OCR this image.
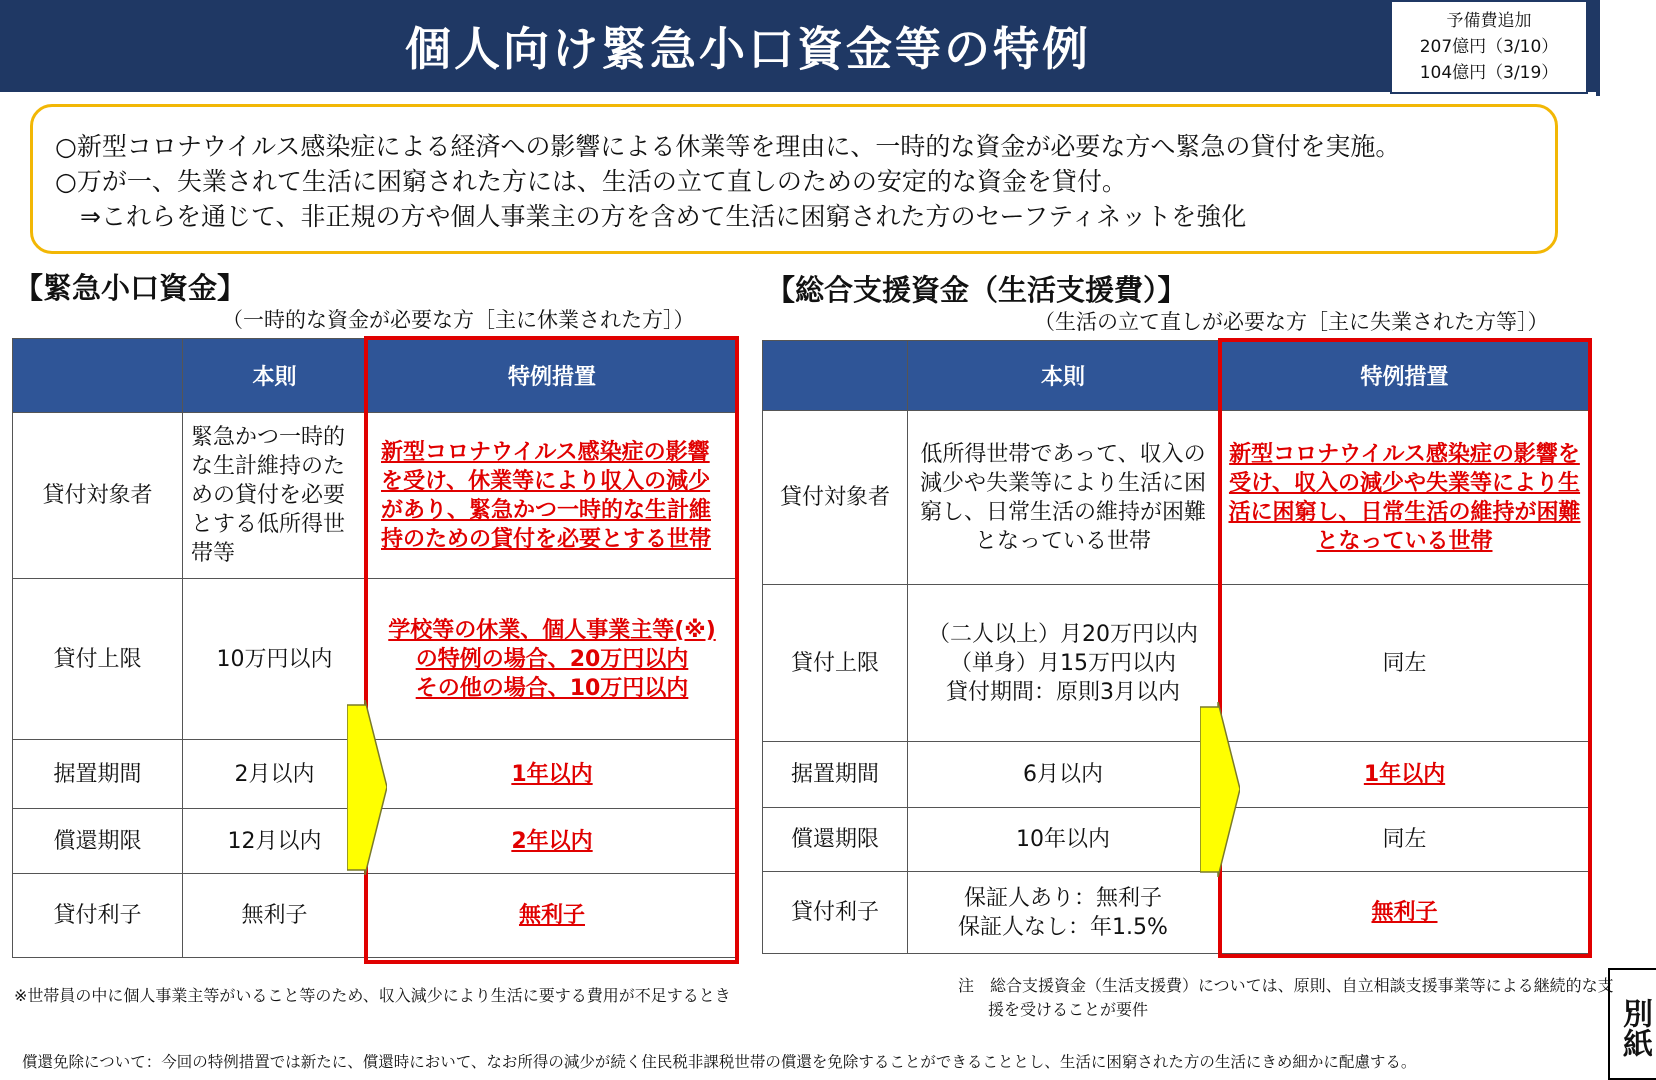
個人向け緊急小口資金等の特例
予備費追加
207億円（3/10）
104億円（3/19）

○新型コロナウイルス感染症による経済への影響による休業等を理由に、一時的な資金が必要な方へ緊急の貸付を実施。

○万が一、失業されて生活に困窮された方には、生活の立て直しのための安定的な資金を貸付。

　⇒これらを通じて、非正規の方や個人事業主の方を含めて生活に困窮された方のセーフティネットを強化

【緊急小口資金】
（一時的な資金が必要な方［主に休業された方］）
【総合支援資金（生活支援費）】
（生活の立て直しが必要な方［主に失業された方等］）
	本則	特例措置
貸付対象者	緊急かつ一時的な生計維持のための貸付を必要とする低所得世帯等	新型コロナウイルス感染症の影響を受け、休業等により収入の減少があり、緊急かつ一時的な生計維持のための貸付を必要とする世帯
貸付上限	10万円以内	学校等の休業、個人事業主等(※)
の特例の場合、20万円以内
その他の場合、10万円以内
据置期間	2月以内	1年以内
償還期限	12月以内	2年以内
貸付利子	無利子	無利子
	本則	特例措置
貸付対象者	低所得世帯であって、収入の減少や失業等により生活に困窮し、日常生活の維持が困難となっている世帯	新型コロナウイルス感染症の影響を受け、収入の減少や失業等により生活に困窮し、日常生活の維持が困難となっている世帯
貸付上限	（二人以上）月20万円以内
（単身）月15万円以内
貸付期間：原則3月以内	同左
据置期間	6月以内	1年以内
償還期限	10年以内	同左
貸付利子	保証人あり：無利子
保証人なし：年1.5%	無利子
※世帯員の中に個人事業主等がいること等のため、収入減少により生活に要する費用が不足するとき
注　総合支援資金（生活支援費）については、原則、自立相談支援事業等による継続的な支援を受けることが要件
償還免除について：今回の特例措置では新たに、償還時において、なお所得の減少が続く住民税非課税世帯の償還を免除することができることとし、生活に困窮された方の生活にきめ細かに配慮する。
別紙
